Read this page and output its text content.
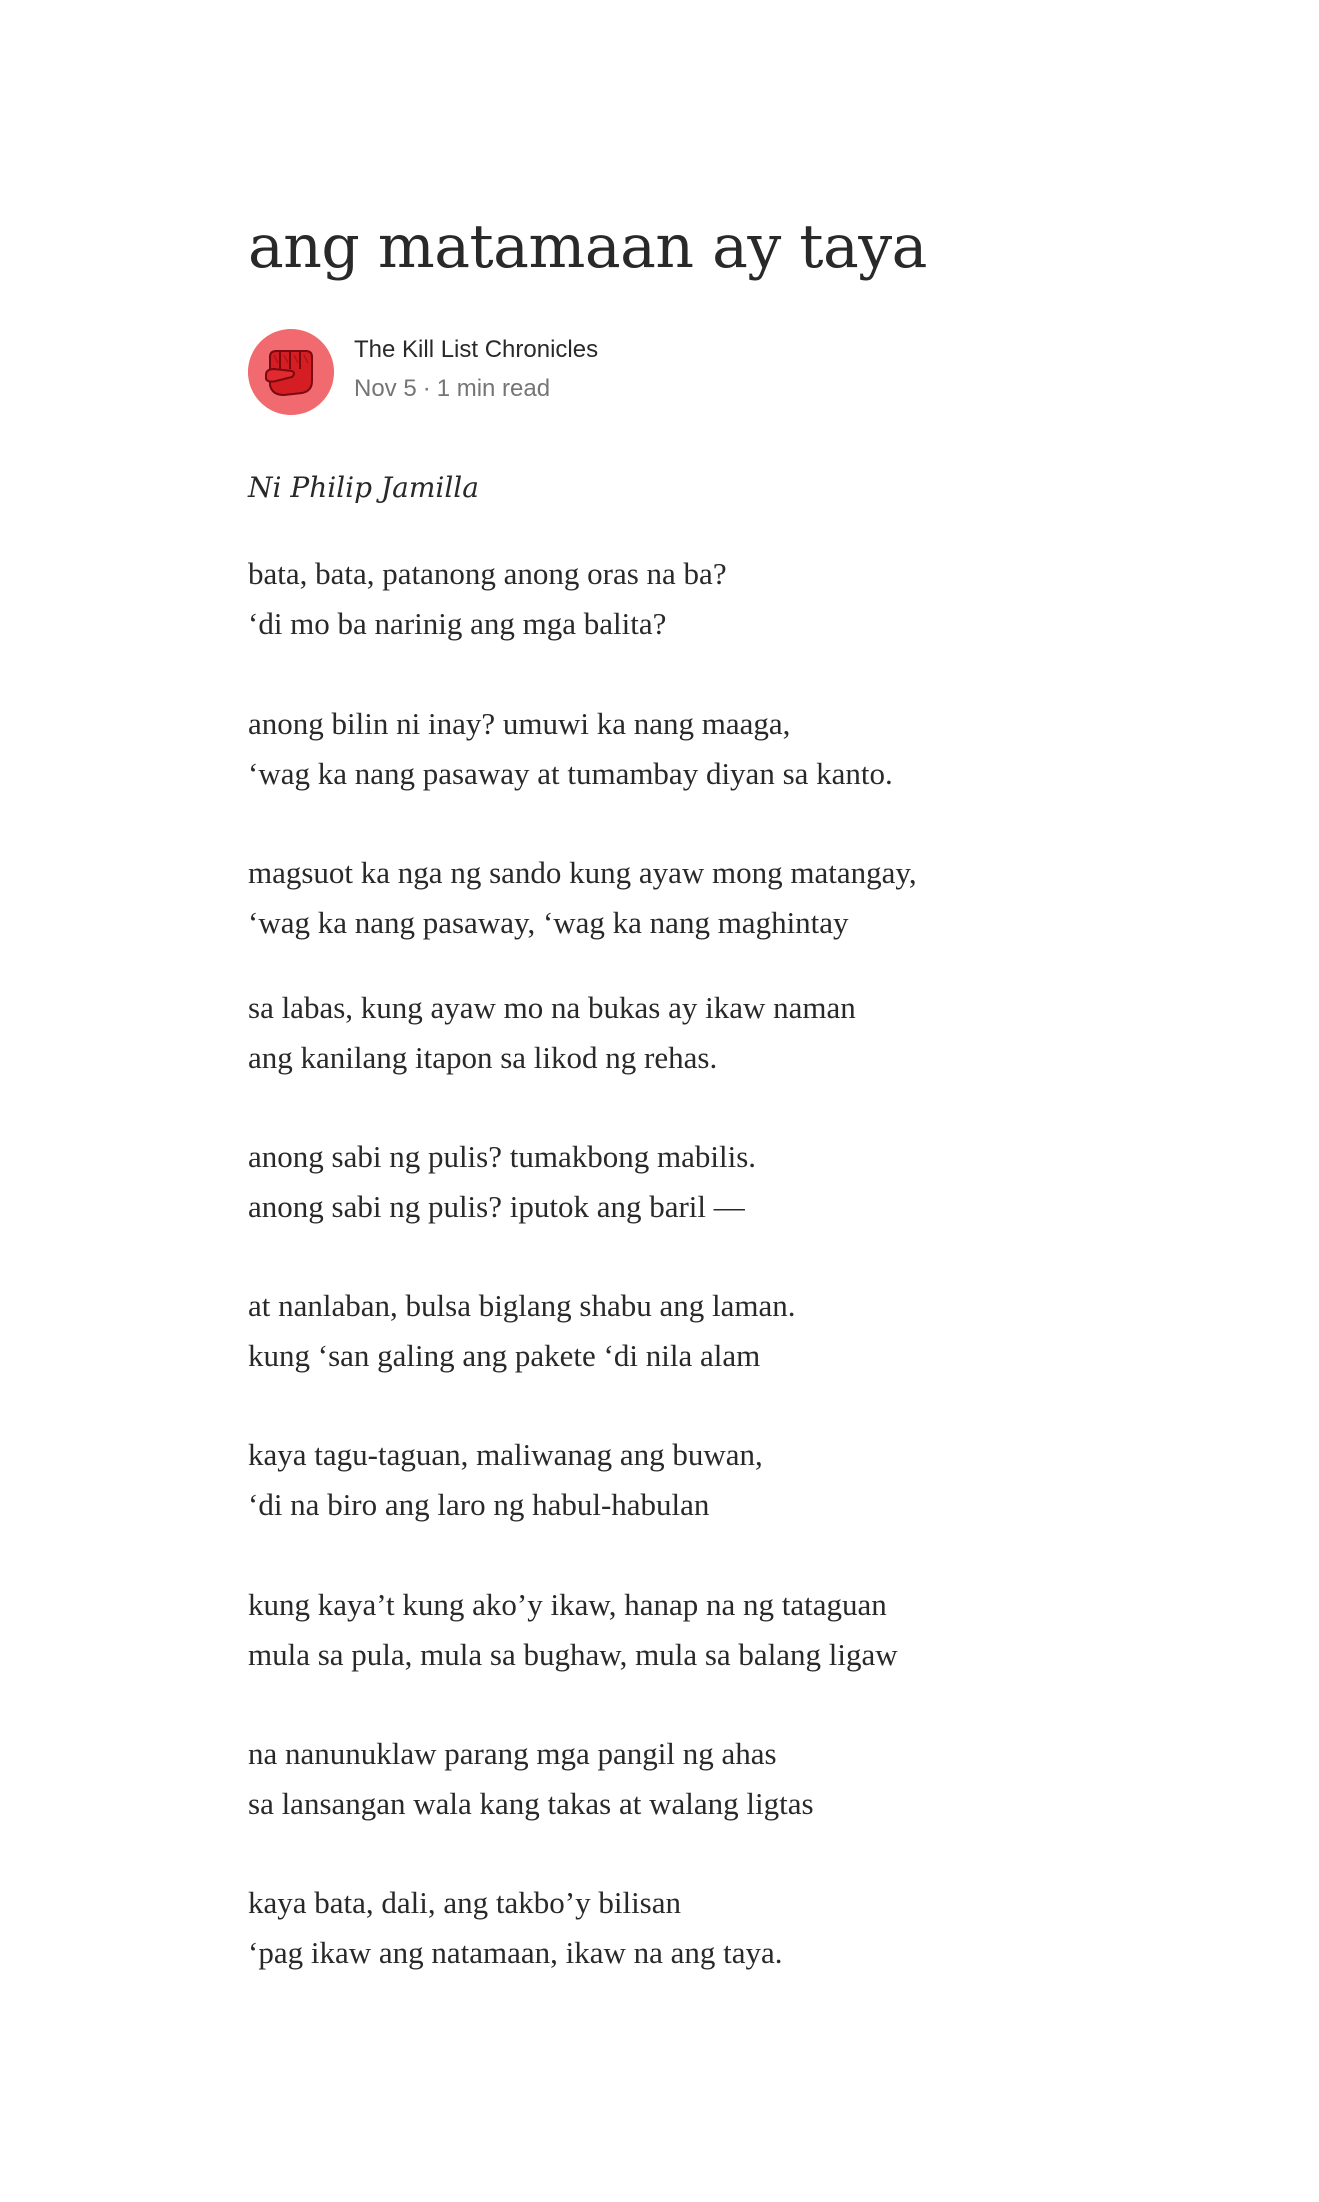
ang matamaan ay taya
The Kill List Chronicles
Nov 5 · 1 min read
Ni Philip Jamilla

bata, bata, patanong anong oras na ba?
‘di mo ba narinig ang mga balita?

anong bilin ni inay? umuwi ka nang maaga,
‘wag ka nang pasaway at tumambay diyan sa kanto.

magsuot ka nga ng sando kung ayaw mong matangay,
‘wag ka nang pasaway, ‘wag ka nang maghintay

sa labas, kung ayaw mo na bukas ay ikaw naman
ang kanilang itapon sa likod ng rehas.

anong sabi ng pulis? tumakbong mabilis.
anong sabi ng pulis? iputok ang baril —

at nanlaban, bulsa biglang shabu ang laman.
kung ‘san galing ang pakete ‘di nila alam

kaya tagu-taguan, maliwanag ang buwan,
‘di na biro ang laro ng habul-habulan

kung kaya’t kung ako’y ikaw, hanap na ng tataguan
mula sa pula, mula sa bughaw, mula sa balang ligaw

na nanunuklaw parang mga pangil ng ahas
sa lansangan wala kang takas at walang ligtas

kaya bata, dali, ang takbo’y bilisan
‘pag ikaw ang natamaan, ikaw na ang taya.
